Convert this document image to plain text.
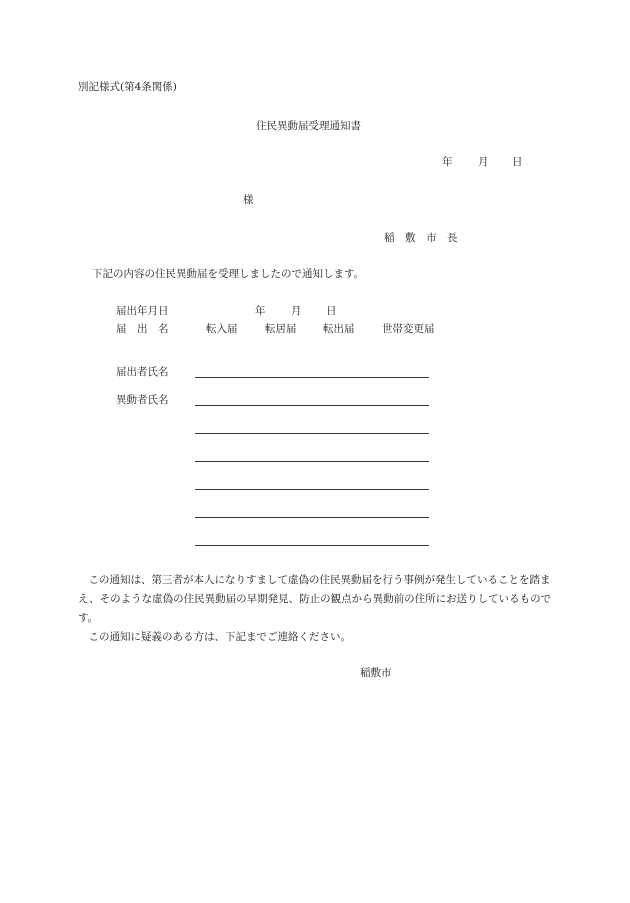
別記様式(第4条関係)
住民異動届受理通知書
年 月 日
様
稲　敷　市　長
下記の内容の住民異動届を受理しましたので通知します。
届出年月日	年 月 日
届　出　名	転入届	転居届	転出届	世帯変更届
届出者氏名
異動者氏名

　この通知は、第三者が本人になりすまして虚偽の住民異動届を行う事例が発生していることを踏まえ、そのような虚偽の住民異動届の早期発見、防止の観点から異動前の住所にお送りしているものです。

　この通知に疑義のある方は、下記までご連絡ください。

稲敷市
